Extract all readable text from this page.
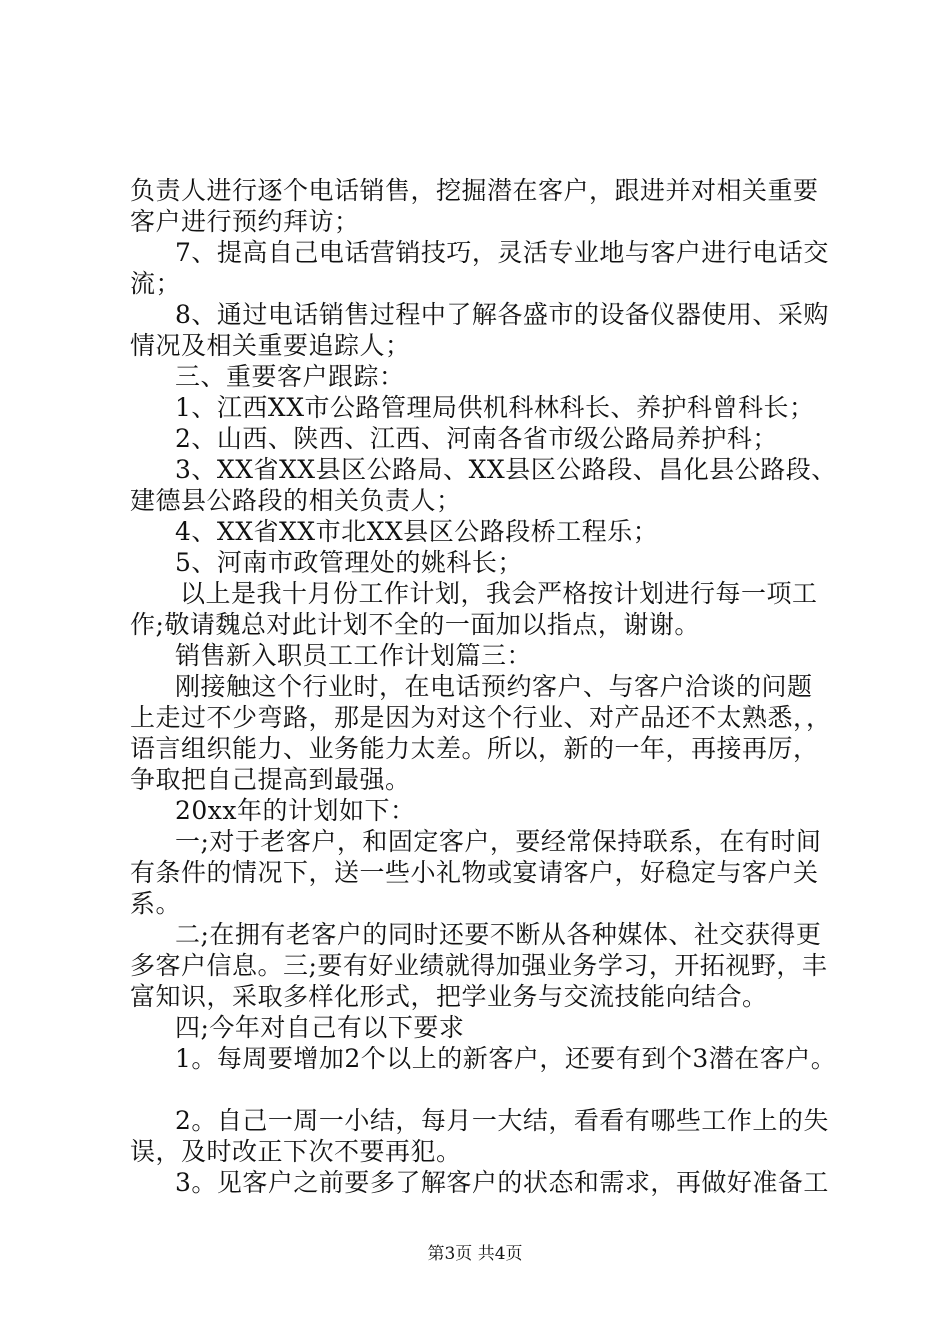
负责人进行逐个电话销售，挖掘潜在客户，跟进并对相关重要
客户进行预约拜访；
7、提高自己电话营销技巧，灵活专业地与客户进行电话交
流；
8、通过电话销售过程中了解各盛市的设备仪器使用、采购
情况及相关重要追踪人；
三、重要客户跟踪：
1、江西XX市公路管理局供机科林科长、养护科曾科长；
2、山西、陕西、江西、河南各省市级公路局养护科；
3、XX省XX县区公路局、XX县区公路段、昌化县公路段、
建德县公路段的相关负责人；
4、XX省XX市北XX县区公路段桥工程乐；
5、河南市政管理处的姚科长；
以上是我十月份工作计划，我会严格按计划进行每一项工
作;敬请魏总对此计划不全的一面加以指点，谢谢。
销售新入职员工工作计划篇三：
刚接触这个行业时，在电话预约客户、与客户洽谈的问题
上走过不少弯路，那是因为对这个行业、对产品还不太熟悉，，
语言组织能力、业务能力太差。所以，新的一年，再接再厉，
争取把自己提高到最强。
20xx年的计划如下：
一;对于老客户，和固定客户，要经常保持联系，在有时间
有条件的情况下，送一些小礼物或宴请客户，好稳定与客户关
系。
二;在拥有老客户的同时还要不断从各种媒体、社交获得更
多客户信息。三;要有好业绩就得加强业务学习，开拓视野，丰
富知识，采取多样化形式，把学业务与交流技能向结合。
四;今年对自己有以下要求
1。每周要增加2个以上的新客户，还要有到个3潜在客户。
2。自己一周一小结，每月一大结，看看有哪些工作上的失
误，及时改正下次不要再犯。
3。见客户之前要多了解客户的状态和需求，再做好准备工
第3页 共4页
